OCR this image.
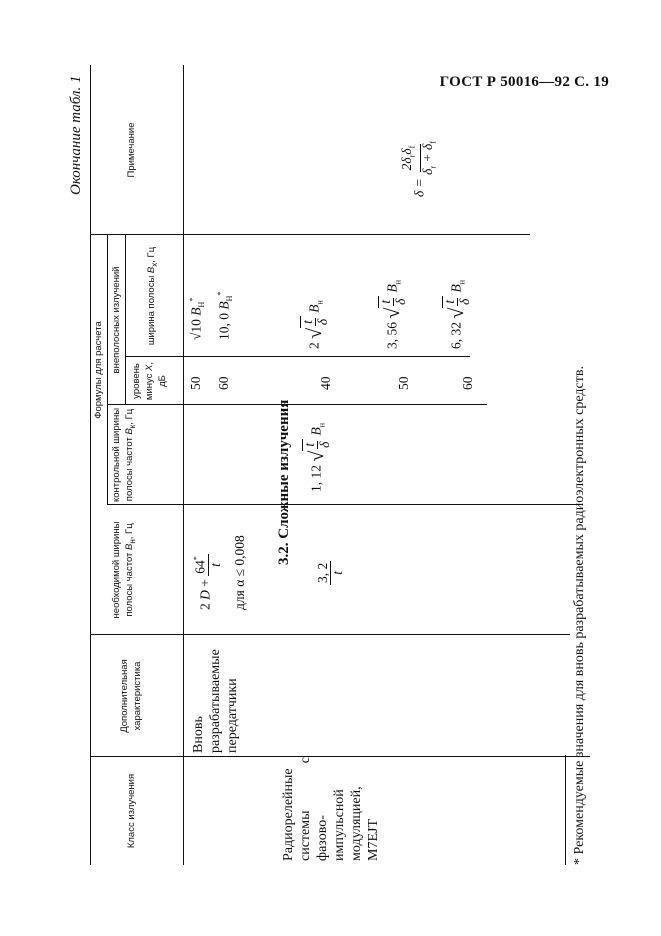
ГОСТ Р 50016—92 С. 19
Окончание табл. 1
Класс излучения
Дополнительная характеристика
Формулы для расчета
необходимой ширины полосы частот $B_н$, Гц
контрольной ширины полосы частот $B_к$, Гц
внеполосных излучений
уровень минус X, дБ
ширина полосы $B_х$, Гц
Примечание
Вновь разрабатываемые передатчики
2 D +
64*
t для α ≤ 0,008
50 60
√10 $B_Н^*$
10, 0 $B_Н^*$
3.2. Сложные излучения
Радиорелейные системы с фазово-импульсной модуляцией, M7EJT
3, 2 t
1, 12 √
t δ
$B_н$
40	50	60
2 √
t δ
$B_н$
3, 56 √
t δ
$B_н$
6, 32 √
t δ
$B_н$
δ =
$2\delta_r\delta_f$
$\delta_r + \delta_f$
* Рекомендуемые значения для вновь разрабатываемых радиоэлектронных средств.
